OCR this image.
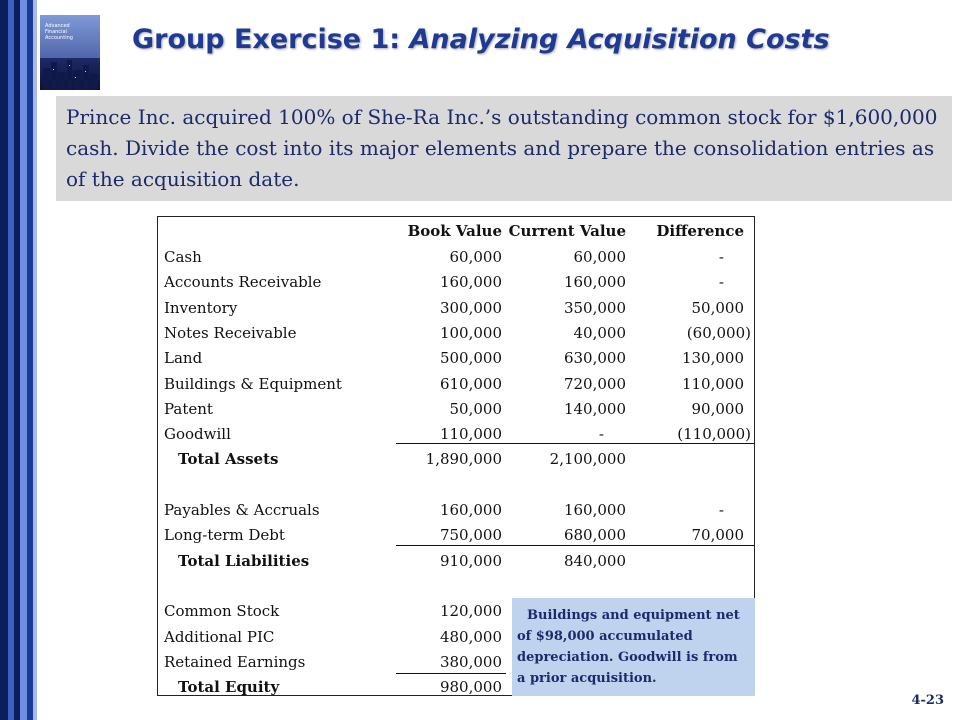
Advanced
Financial
Accounting	Group Exercise 1: Analyzing Acquisition Costs
Prince Inc. acquired 100% of She-Ra Inc.’s outstanding common stock for $1,600,000 cash. Divide the cost into its major elements and prepare the consolidation entries as of the acquisition date.
Book Value Current Value Difference
Cash	60,000	60,000	-
Accounts Receivable	160,000	160,000	-
Inventory	300,000	350,000	50,000
Notes Receivable	100,000	40,000	(60,000)
Land	500,000	630,000	130,000
Buildings & Equipment	610,000	720,000	110,000
Patent	50,000	140,000	90,000
Goodwill	110,000	-	(110,000)
Total Assets	1,890,000	2,100,000
Payables & Accruals	160,000	160,000	-
Long-term Debt	750,000	680,000	70,000
Total Liabilities	910,000	840,000
Common Stock	120,000
Additional PIC	480,000
Retained Earnings	380,000
Total Equity	980,000
Buildings and equipment net
of $98,000 accumulated
depreciation. Goodwill is from
a prior acquisition.
4-23
